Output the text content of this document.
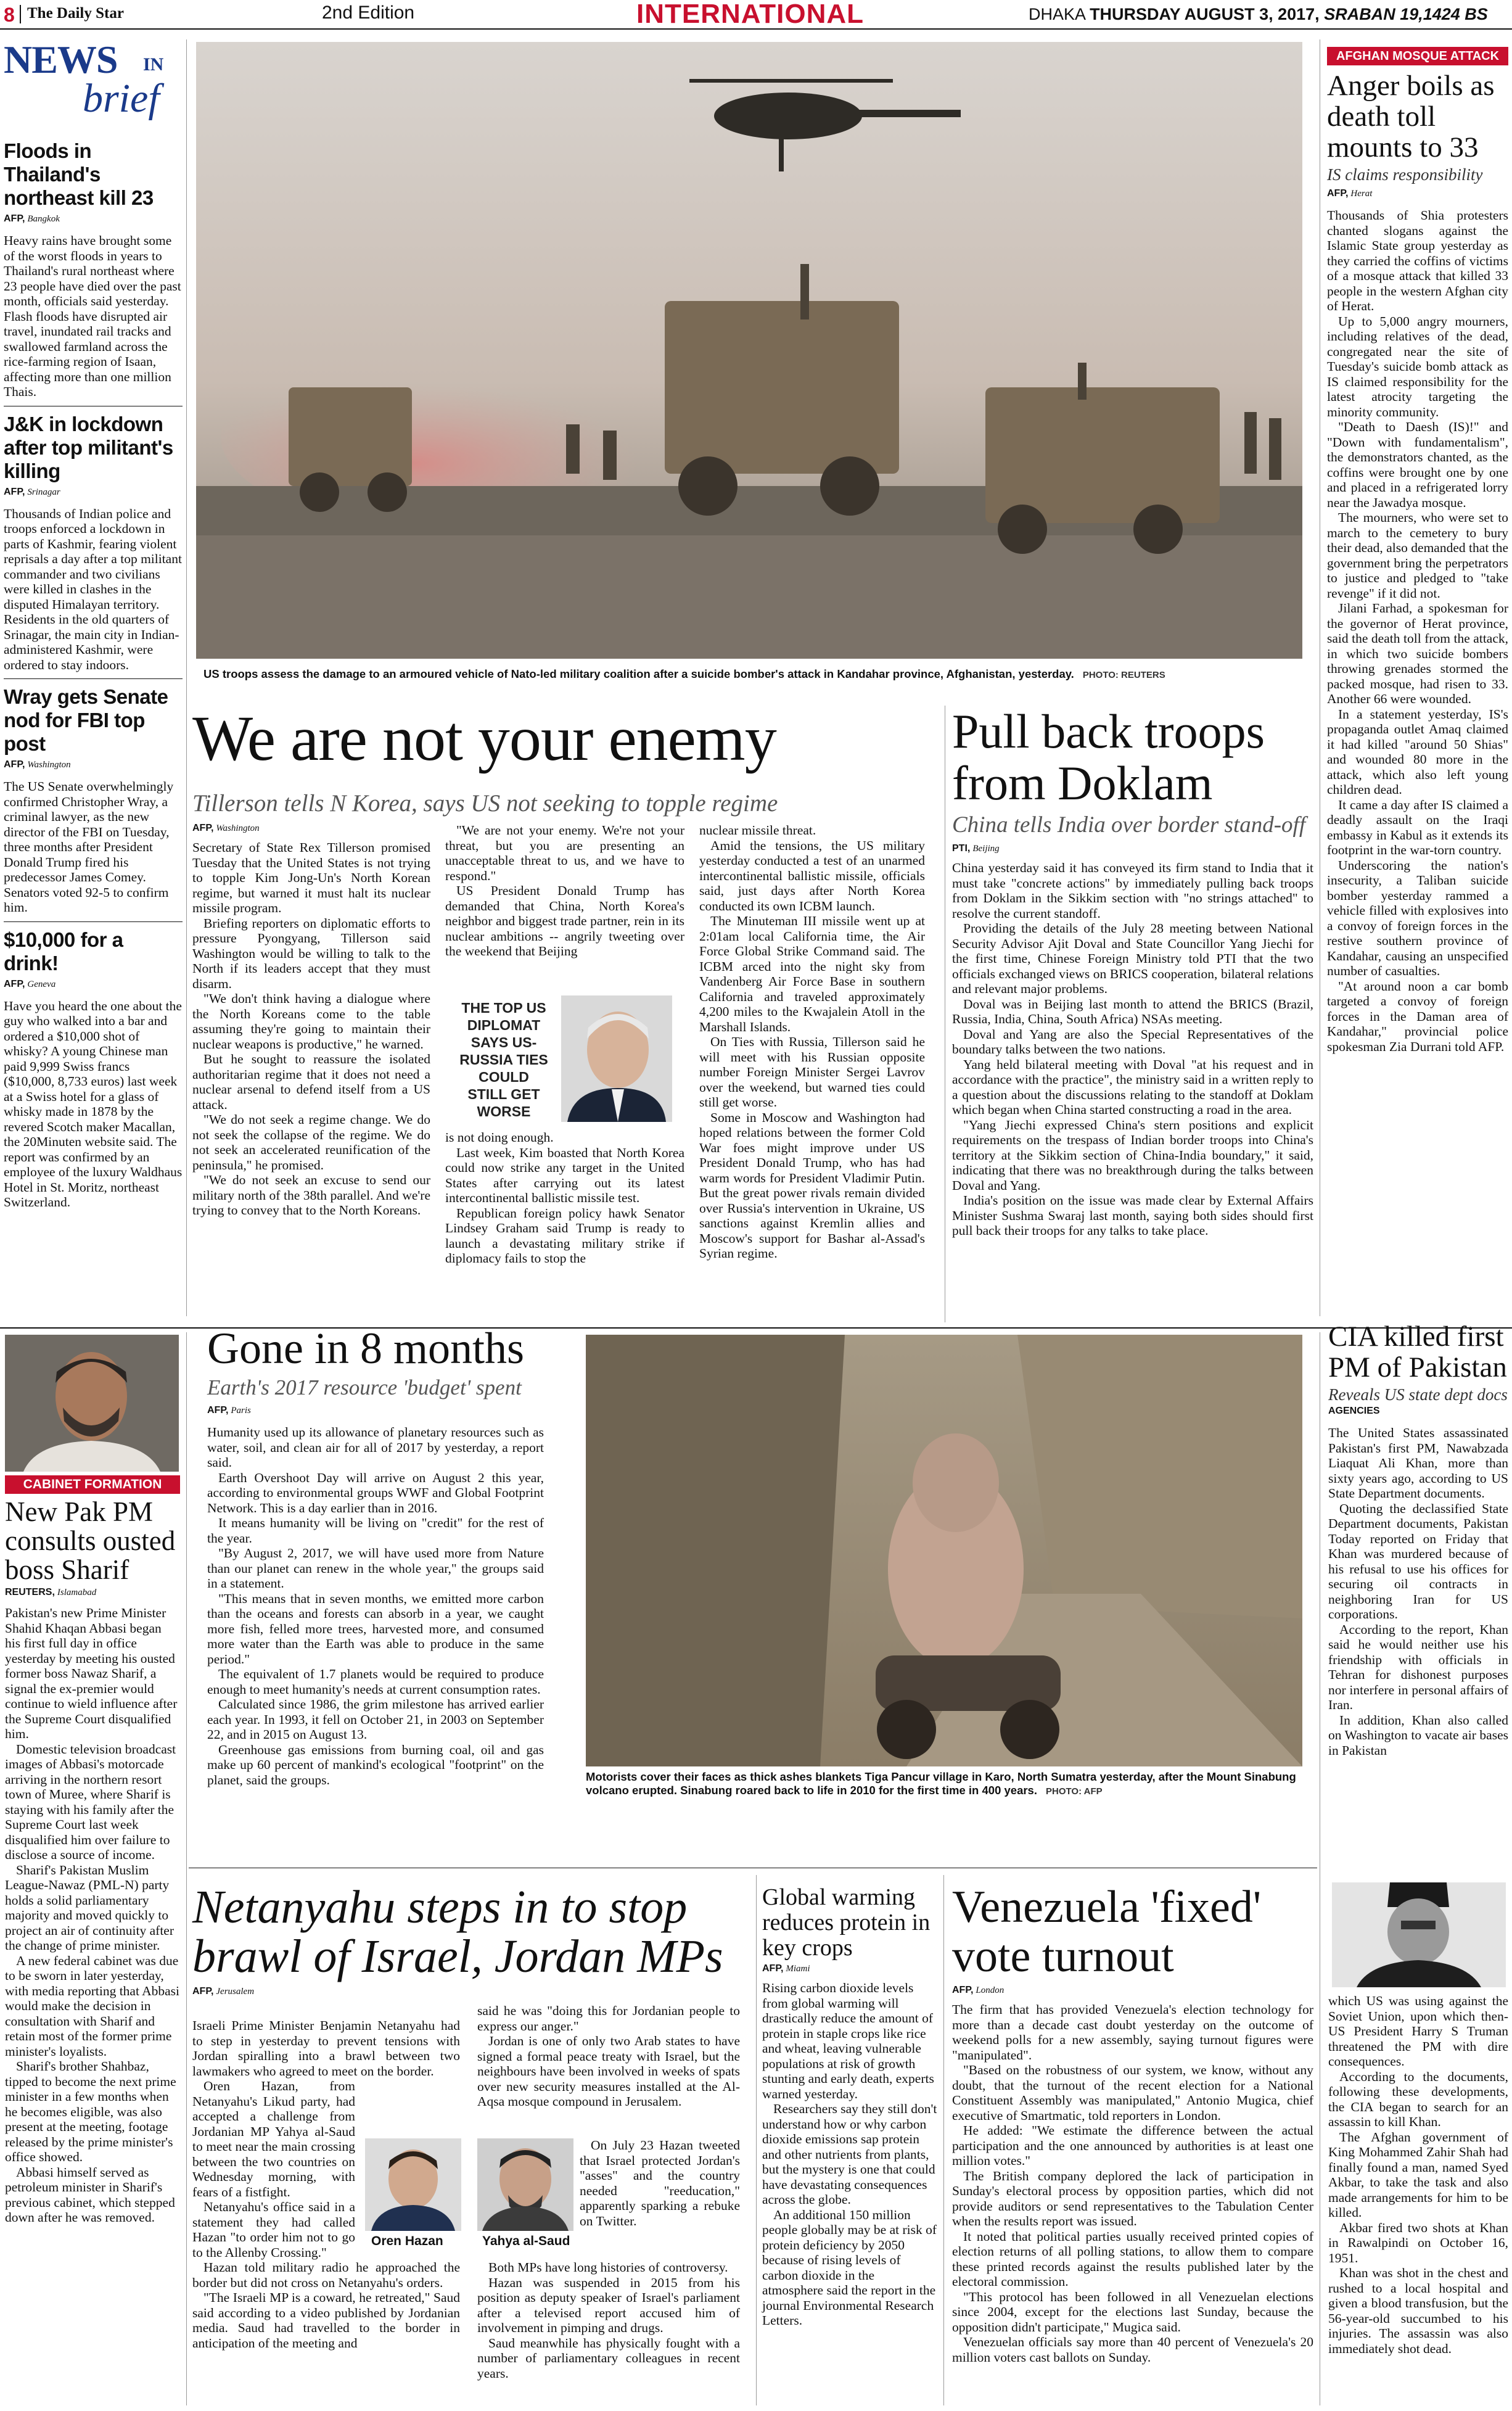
8 The Daily Star	2nd Edition	INTERNATIONAL	DHAKA THURSDAY AUGUST 3, 2017, SRABAN 19,1424 BS
NEWS IN
brief
Floods in Thailand's northeast kill 23
AFP, Bangkok
Heavy rains have brought some of the worst floods in years to Thailand's rural northeast where 23 people have died over the past month, officials said yesterday. Flash floods have disrupted air travel, inundated rail tracks and swallowed farmland across the rice-farming region of Isaan, affecting more than one million Thais.
J&K in lockdown after top militant's killing
AFP, Srinagar
Thousands of Indian police and troops enforced a lockdown in parts of Kashmir, fearing violent reprisals a day after a top militant commander and two civilians were killed in clashes in the disputed Himalayan territory. Residents in the old quarters of Srinagar, the main city in Indian-administered Kashmir, were ordered to stay indoors.
Wray gets Senate nod for FBI top post
AFP, Washington
The US Senate overwhelmingly confirmed Christopher Wray, a criminal lawyer, as the new director of the FBI on Tuesday, three months after President Donald Trump fired his predecessor James Comey. Senators voted 92-5 to confirm him.
$10,000 for a drink!
AFP, Geneva
Have you heard the one about the guy who walked into a bar and ordered a $10,000 shot of whisky? A young Chinese man paid 9,999 Swiss francs ($10,000, 8,733 euros) last week at a Swiss hotel for a glass of whisky made in 1878 by the revered Scotch maker Macallan, the 20Minuten website said. The report was confirmed by an employee of the luxury Waldhaus Hotel in St. Moritz, northeast Switzerland.
US troops assess the damage to an armoured vehicle of Nato-led military coalition after a suicide bomber's attack in Kandahar province, Afghanistan, yesterday. PHOTO: REUTERS
AFGHAN MOSQUE ATTACK
Anger boils as death toll mounts to 33
IS claims responsibility
AFP, Herat

Thousands of Shia protesters chanted slogans against the Islamic State group yesterday as they carried the coffins of victims of a mosque attack that killed 33 people in the western Afghan city of Herat.

Up to 5,000 angry mourners, including relatives of the dead, congregated near the site of Tuesday's suicide bomb attack as IS claimed responsibility for the latest atrocity targeting the minority community.

"Death to Daesh (IS)!" and "Down with fundamentalism", the demonstrators chanted, as the coffins were brought one by one and placed in a refrigerated lorry near the Jawadya mosque.

The mourners, who were set to march to the cemetery to bury their dead, also demanded that the government bring the perpetrators to justice and pledged to "take revenge" if it did not.

Jilani Farhad, a spokesman for the governor of Herat province, said the death toll from the attack, in which two suicide bombers throwing grenades stormed the packed mosque, had risen to 33. Another 66 were wounded.

In a statement yesterday, IS's propaganda outlet Amaq claimed it had killed "around 50 Shias" and wounded 80 more in the attack, which also left young children dead.

It came a day after IS claimed a deadly assault on the Iraqi embassy in Kabul as it extends its footprint in the war-torn country.

Underscoring the nation's insecurity, a Taliban suicide bomber yesterday rammed a vehicle filled with explosives into a convoy of foreign forces in the restive southern province of Kandahar, causing an unspecified number of casualties.

"At around noon a car bomb targeted a convoy of foreign forces in the Daman area of Kandahar," provincial police spokesman Zia Durrani told AFP.

We are not your enemy
Tillerson tells N Korea, says US not seeking to topple regime
AFP, Washington

Secretary of State Rex Tillerson promised Tuesday that the United States is not trying to topple Kim Jong-Un's North Korean regime, but warned it must halt its nuclear missile program.

Briefing reporters on diplomatic efforts to pressure Pyongyang, Tillerson said Washington would be willing to talk to the North if its leaders accept that they must disarm.

"We don't think having a dialogue where the North Koreans come to the table assuming they're going to maintain their nuclear weapons is productive," he warned.

But he sought to reassure the isolated authoritarian regime that it does not need a nuclear arsenal to defend itself from a US attack.

"We do not seek a regime change. We do not seek the collapse of the regime. We do not seek an accelerated reunification of the peninsula," he promised.

"We do not seek an excuse to send our military north of the 38th parallel. And we're trying to convey that to the North Koreans.

"We are not your enemy. We're not your threat, but you are presenting an unacceptable threat to us, and we have to respond."

US President Donald Trump has demanded that China, North Korea's neighbor and biggest trade partner, rein in its nuclear ambitions -- angrily tweeting over the weekend that Beijing

THE TOP US DIPLOMAT SAYS US-RUSSIA TIES COULD STILL GET WORSE

is not doing enough.

Last week, Kim boasted that North Korea could now strike any target in the United States after carrying out its latest intercontinental ballistic missile test.

Republican foreign policy hawk Senator Lindsey Graham said Trump is ready to launch a devastating military strike if diplomacy fails to stop the

nuclear missile threat.

Amid the tensions, the US military yesterday conducted a test of an unarmed intercontinental ballistic missile, officials said, just days after North Korea conducted its own ICBM launch.

The Minuteman III missile went up at 2:01am local California time, the Air Force Global Strike Command said. The ICBM arced into the night sky from Vandenberg Air Force Base in southern California and traveled approximately 4,200 miles to the Kwajalein Atoll in the Marshall Islands.

On Ties with Russia, Tillerson said he will meet with his Russian opposite number Foreign Minister Sergei Lavrov over the weekend, but warned ties could still get worse.

Some in Moscow and Washington had hoped relations between the former Cold War foes might improve under US President Donald Trump, who has had warm words for President Vladimir Putin. But the great power rivals remain divided over Russia's intervention in Ukraine, US sanctions against Kremlin allies and Moscow's support for Bashar al-Assad's Syrian regime.

Pull back troops from Doklam
China tells India over border stand-off
PTI, Beijing

China yesterday said it has conveyed its firm stand to India that it must take "concrete actions" by immediately pulling back troops from Doklam in the Sikkim section with "no strings attached" to resolve the current standoff.

Providing the details of the July 28 meeting between National Security Advisor Ajit Doval and State Councillor Yang Jiechi for the first time, Chinese Foreign Ministry told PTI that the two officials exchanged views on BRICS cooperation, bilateral relations and relevant major problems.

Doval was in Beijing last month to attend the BRICS (Brazil, Russia, India, China, South Africa) NSAs meeting.

Doval and Yang are also the Special Representatives of the boundary talks between the two nations.

Yang held bilateral meeting with Doval "at his request and in accordance with the practice", the ministry said in a written reply to a question about the discussions relating to the standoff at Doklam which began when China started constructing a road in the area.

"Yang Jiechi expressed China's stern positions and explicit requirements on the trespass of Indian border troops into China's territory at the Sikkim section of China-India boundary," it said, indicating that there was no breakthrough during the talks between Doval and Yang.

India's position on the issue was made clear by External Affairs Minister Sushma Swaraj last month, saying both sides should first pull back their troops for any talks to take place.

CABINET FORMATION
New Pak PM consults ousted boss Sharif
REUTERS, Islamabad

Pakistan's new Prime Minister Shahid Khaqan Abbasi began his first full day in office yesterday by meeting his ousted former boss Nawaz Sharif, a signal the ex-premier would continue to wield influence after the Supreme Court disqualified him.

Domestic television broadcast images of Abbasi's motorcade arriving in the northern resort town of Muree, where Sharif is staying with his family after the Supreme Court last week disqualified him over failure to disclose a source of income.

Sharif's Pakistan Muslim League-Nawaz (PML-N) party holds a solid parliamentary majority and moved quickly to project an air of continuity after the change of prime minister.

A new federal cabinet was due to be sworn in later yesterday, with media reporting that Abbasi would make the decision in consultation with Sharif and retain most of the former prime minister's loyalists.

Sharif's brother Shahbaz, tipped to become the next prime minister in a few months when he becomes eligible, was also present at the meeting, footage released by the prime minister's office showed.

Abbasi himself served as petroleum minister in Sharif's previous cabinet, which stepped down after he was removed.

Gone in 8 months
Earth's 2017 resource 'budget' spent
AFP, Paris

Humanity used up its allowance of planetary resources such as water, soil, and clean air for all of 2017 by yesterday, a report said.

Earth Overshoot Day will arrive on August 2 this year, according to environmental groups WWF and Global Footprint Network. This is a day earlier than in 2016.

It means humanity will be living on "credit" for the rest of the year.

"By August 2, 2017, we will have used more from Nature than our planet can renew in the whole year," the groups said in a statement.

"This means that in seven months, we emitted more carbon than the oceans and forests can absorb in a year, we caught more fish, felled more trees, harvested more, and consumed more water than the Earth was able to produce in the same period."

The equivalent of 1.7 planets would be required to produce enough to meet humanity's needs at current consumption rates.

Calculated since 1986, the grim milestone has arrived earlier each year. In 1993, it fell on October 21, in 2003 on September 22, and in 2015 on August 13.

Greenhouse gas emissions from burning coal, oil and gas make up 60 percent of mankind's ecological "footprint" on the planet, said the groups.	Motorists cover their faces as thick ashes blankets Tiga Pancur village in Karo, North Sumatra yesterday, after the Mount Sinabung volcano erupted. Sinabung roared back to life in 2010 for the first time in 400 years. PHOTO: AFP
CIA killed first PM of Pakistan
Reveals US state dept docs
AGENCIES

The United States assassinated Pakistan's first PM, Nawabzada Liaquat Ali Khan, more than sixty years ago, according to US State Department documents.

Quoting the declassified State Department documents, Pakistan Today reported on Friday that Khan was murdered because of his refusal to use his offices for securing oil contracts in neighboring Iran for US corporations.

According to the report, Khan said he would neither use his friendship with officials in Tehran for dishonest purposes nor interfere in personal affairs of Iran.

In addition, Khan also called on Washington to vacate air bases in Pakistan

which US was using against the Soviet Union, upon which then-US President Harry S Truman threatened the PM with dire consequences.

According to the documents, following these developments, the CIA began to search for an assassin to kill Khan.

The Afghan government of King Mohammed Zahir Shah had finally found a man, named Syed Akbar, to take the task and also made arrangements for him to be killed.

Akbar fired two shots at Khan in Rawalpindi on October 16, 1951.

Khan was shot in the chest and rushed to a local hospital and given a blood transfusion, but the 56-year-old succumbed to his injuries. The assassin was also immediately shot dead.

Netanyahu steps in to stop brawl of Israel, Jordan MPs
AFP, Jerusalem

Israeli Prime Minister Benjamin Netanyahu had to step in yesterday to prevent tensions with Jordan spiralling into a brawl between two lawmakers who agreed to meet on the border.

Oren Hazan, from Netanyahu's Likud party, had accepted a challenge from Jordanian MP Yahya al-Saud to meet near the main crossing between the two countries on Wednesday morning, with fears of a fistfight.

Netanyahu's office said in a statement they had called Hazan "to order him not to go to the Allenby Crossing."

Hazan told military radio he approached the border but did not cross on Netanyahu's orders.

"The Israeli MP is a coward, he retreated," Saud said according to a video published by Jordanian media. Saud had travelled to the border in anticipation of the meeting and

Oren Hazan

said he was "doing this for Jordanian people to express our anger."

Jordan is one of only two Arab states to have signed a formal peace treaty with Israel, but the neighbours have been involved in weeks of spats over new security measures installed at the Al-Aqsa mosque compound in Jerusalem.

Yahya al-Saud

On July 23 Hazan tweeted that Israel protected Jordan's "asses" and the country needed "reeducation," apparently sparking a rebuke on Twitter.

Both MPs have long histories of controversy.

Hazan was suspended in 2015 from his position as deputy speaker of Israel's parliament after a televised report accused him of involvement in pimping and drugs.

Saud meanwhile has physically fought with a number of parliamentary colleagues in recent years.

Global warming reduces protein in key crops
AFP, Miami

Rising carbon dioxide levels from global warming will drastically reduce the amount of protein in staple crops like rice and wheat, leaving vulnerable populations at risk of growth stunting and early death, experts warned yesterday.

Researchers say they still don't understand how or why carbon dioxide emissions sap protein and other nutrients from plants, but the mystery is one that could have devastating consequences across the globe.

An additional 150 million people globally may be at risk of protein deficiency by 2050 because of rising levels of carbon dioxide in the atmosphere said the report in the journal Environmental Research Letters.

Venezuela 'fixed' vote turnout
AFP, London

The firm that has provided Venezuela's election technology for more than a decade cast doubt yesterday on the outcome of weekend polls for a new assembly, saying turnout figures were "manipulated".

"Based on the robustness of our system, we know, without any doubt, that the turnout of the recent election for a National Constituent Assembly was manipulated," Antonio Mugica, chief executive of Smartmatic, told reporters in London.

He added: "We estimate the difference between the actual participation and the one announced by authorities is at least one million votes."

The British company deplored the lack of participation in Sunday's electoral process by opposition parties, which did not provide auditors or send representatives to the Tabulation Center when the results report was issued.

It noted that political parties usually received printed copies of election returns of all polling stations, to allow them to compare these printed records against the results published later by the electoral commission.

"This protocol has been followed in all Venezuelan elections since 2004, except for the elections last Sunday, because the opposition didn't participate," Mugica said.

Venezuelan officials say more than 40 percent of Venezuela's 20 million voters cast ballots on Sunday.
